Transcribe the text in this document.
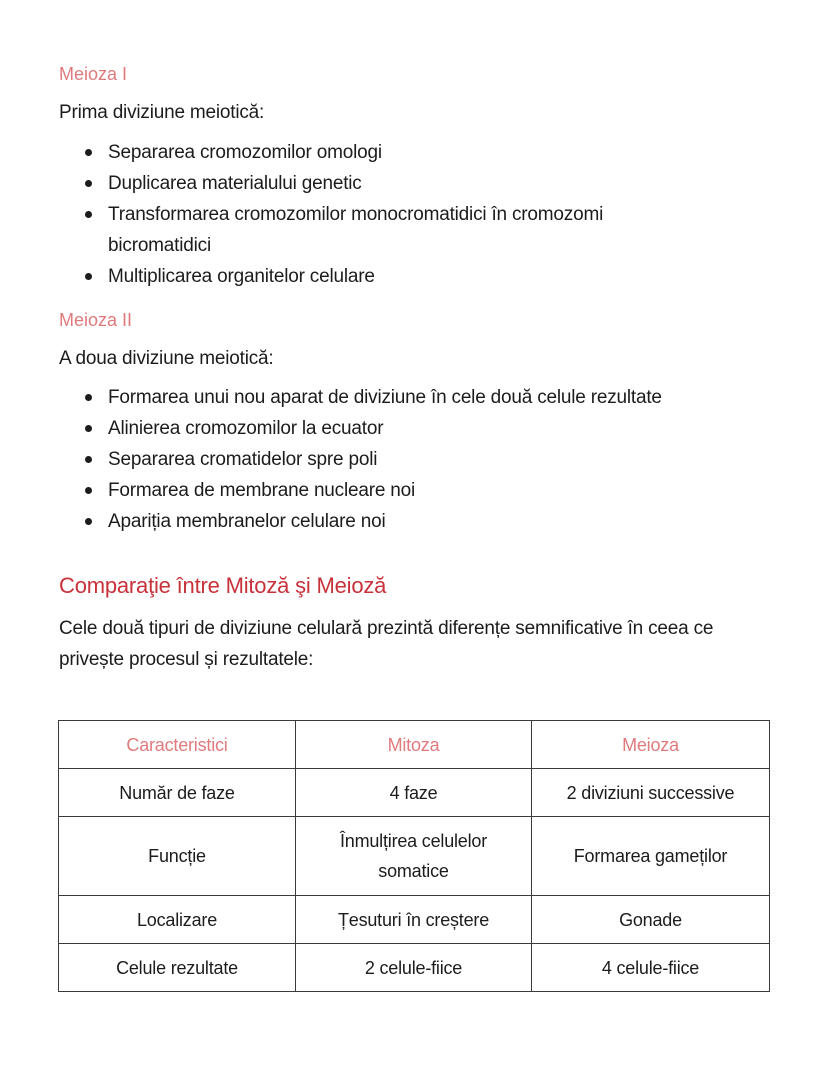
Meioza I
Prima diviziune meiotică:
Separarea cromozomilor omologi
Duplicarea materialului genetic
Transformarea cromozomilor monocromatidici în cromozomi bicromatidici
Multiplicarea organitelor celulare
Meioza II
A doua diviziune meiotică:
Formarea unui nou aparat de diviziune în cele două celule rezultate
Alinierea cromozomilor la ecuator
Separarea cromatidelor spre poli
Formarea de membrane nucleare noi
Apariția membranelor celulare noi
Comparaţie între Mitoză şi Meioză
Cele două tipuri de diviziune celulară prezintă diferențe semnificative în ceea ce privește procesul și rezultatele:
Caracteristici	Mitoza	Meioza
Număr de faze	4 faze	2 diviziuni successive
Funcție	Înmulțirea celulelor somatice	Formarea gameților
Localizare	Țesuturi în creștere	Gonade
Celule rezultate	2 celule-fiice	4 celule-fiice
